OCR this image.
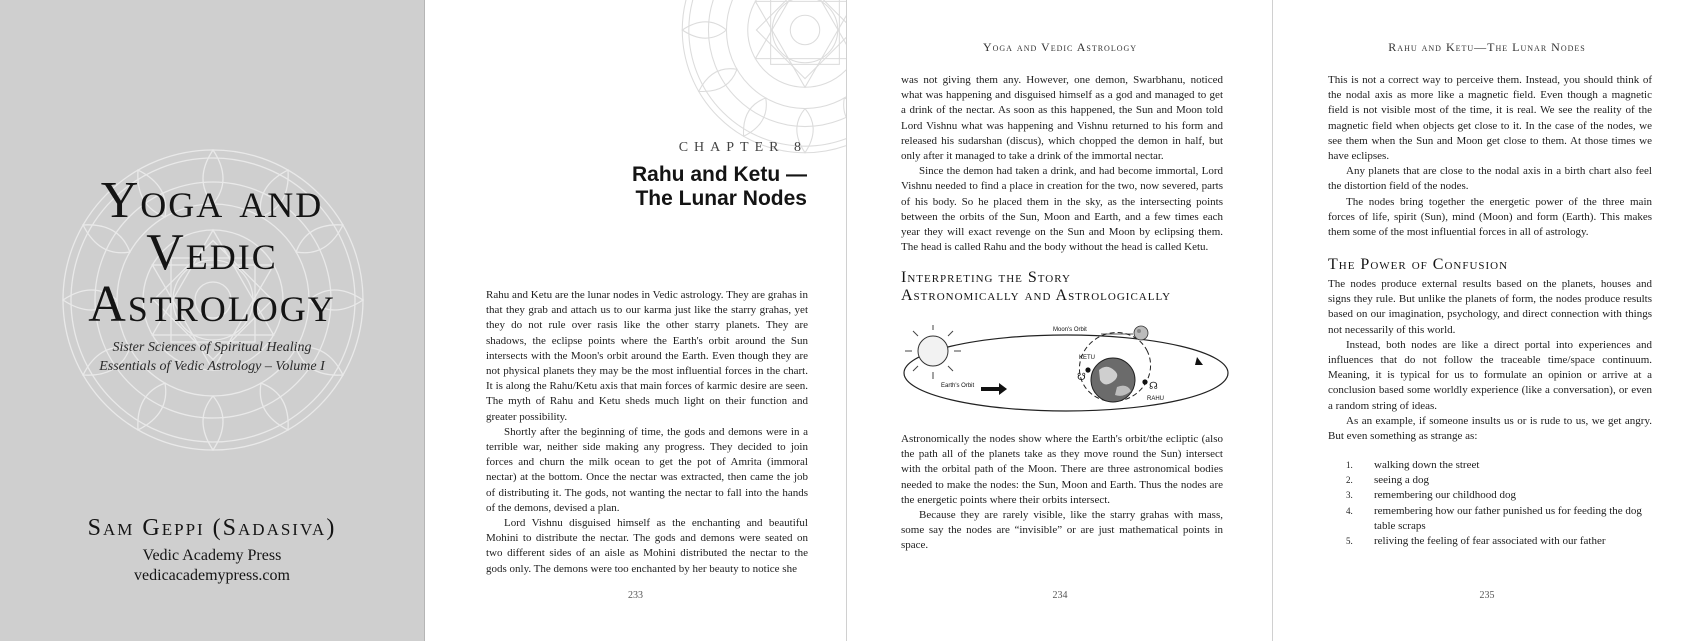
Yoga and
Vedic
Astrology
Sister Sciences of Spiritual Healing
Essentials of Vedic Astrology – Volume I
Sam Geppi (Sadasiva)
Vedic Academy Press
vedicacademypress.com
CHAPTER 8
Rahu and Ketu —
The Lunar Nodes

Rahu and Ketu are the lunar nodes in Vedic astrology. They are grahas in that they grab and attach us to our karma just like the starry grahas, yet they do not rule over rasis like the other starry planets. They are shadows, the eclipse points where the Earth's orbit around the Sun intersects with the Moon's orbit around the Earth. Even though they are not physical planets they may be the most influential forces in the chart. It is along the Rahu/Ketu axis that main forces of karmic desire are seen. The myth of Rahu and Ketu sheds much light on their function and greater possibility.

Shortly after the beginning of time, the gods and demons were in a terrible war, neither side making any progress. They decided to join forces and churn the milk ocean to get the pot of Amrita (immoral nectar) at the bottom. Once the nectar was extracted, then came the job of distributing it. The gods, not wanting the nectar to fall into the hands of the demons, devised a plan.

Lord Vishnu disguised himself as the enchanting and beautiful Mohini to distribute the nectar. The gods and demons were seated on two different sides of an aisle as Mohini distributed the nectar to the gods only. The demons were too enchanted by her beauty to notice she

233
Yoga and Vedic Astrology

was not giving them any. However, one demon, Swarbhanu, noticed what was happening and disguised himself as a god and managed to get a drink of the nectar. As soon as this happened, the Sun and Moon told Lord Vishnu what was happening and Vishnu returned to his form and released his sudarshan (discus), which chopped the demon in half, but only after it managed to take a drink of the immortal nectar.

Since the demon had taken a drink, and had become immortal, Lord Vishnu needed to find a place in creation for the two, now severed, parts of his body. So he placed them in the sky, as the intersecting points between the orbits of the Sun, Moon and Earth, and a few times each year they will exact revenge on the Sun and Moon by eclipsing them. The head is called Rahu and the body without the head is called Ketu.

Interpreting the Story
Astronomically and Astrologically
☋
☊
Moon's Orbit
KETU
RAHU
Earth's Orbit

Astronomically the nodes show where the Earth's orbit/the ecliptic (also the path all of the planets take as they move round the Sun) intersect with the orbital path of the Moon. There are three astronomical bodies needed to make the nodes: the Sun, Moon and Earth. Thus the nodes are the energetic points where their orbits intersect.

Because they are rarely visible, like the starry grahas with mass, some say the nodes are “invisible” or are just mathematical points in space.

234
Rahu and Ketu—The Lunar Nodes

This is not a correct way to perceive them. Instead, you should think of the nodal axis as more like a magnetic field. Even though a magnetic field is not visible most of the time, it is real. We see the reality of the magnetic field when objects get close to it. In the case of the nodes, we see them when the Sun and Moon get close to them. At those times we have eclipses.

Any planets that are close to the nodal axis in a birth chart also feel the distortion field of the nodes.

The nodes bring together the energetic power of the three main forces of life, spirit (Sun), mind (Moon) and form (Earth). This makes them some of the most influential forces in all of astrology.

The Power of Confusion

The nodes produce external results based on the planets, houses and signs they rule. But unlike the planets of form, the nodes produce results based on our imagination, psychology, and direct connection with things not necessarily of this world.

Instead, both nodes are like a direct portal into experiences and influences that do not follow the traceable time/space continuum. Meaning, it is typical for us to formulate an opinion or arrive at a conclusion based some worldly experience (like a conversation), or even a random string of ideas.

As an example, if someone insults us or is rude to us, we get angry. But even something as strange as:

1. walking down the street
2. seeing a dog
3. remembering our childhood dog
4. remembering how our father punished us for feeding the dog
table scraps
5. reliving the feeling of fear associated with our father
235
